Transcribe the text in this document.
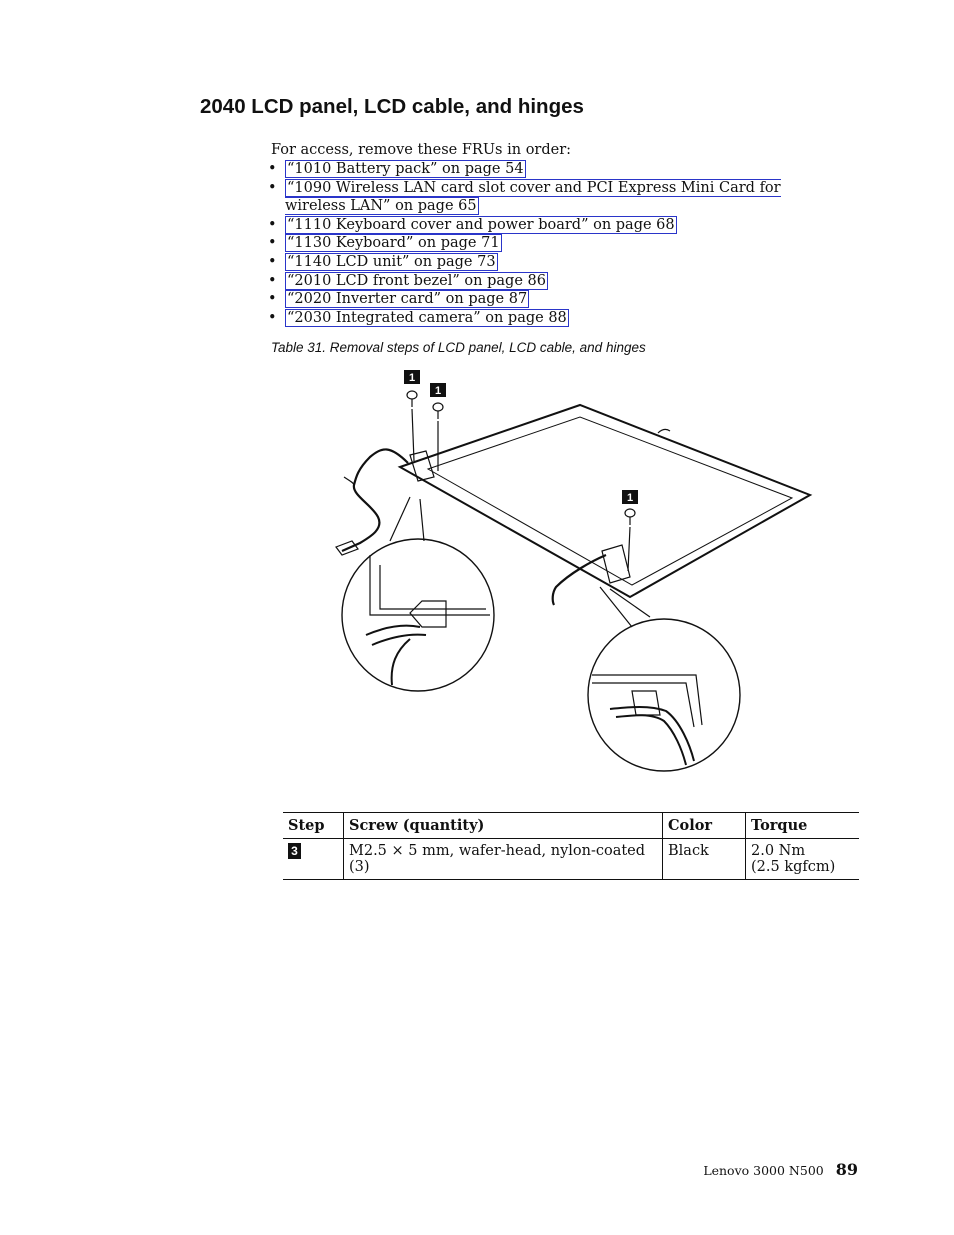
2040 LCD panel, LCD cable, and hinges

For access, remove these FRUs in order:

• “1010 Battery pack” on page 54
• “1090 Wireless LAN card slot cover and PCI Express Mini Card for wireless LAN” on page 65
• “1110 Keyboard cover and power board” on page 68
• “1130 Keyboard” on page 71
• “1140 LCD unit” on page 73
• “2010 LCD front bezel” on page 86
• “2020 Inverter card” on page 87
• “2030 Integrated camera” on page 88

Table 31. Removal steps of LCD panel, LCD cable, and hinges

1
1
1
Step	Screw (quantity)	Color	Torque
3	M2.5 × 5 mm, wafer-head, nylon-coated (3)	Black	2.0 Nm
(2.5 kgfcm)
Lenovo 3000 N500 89
